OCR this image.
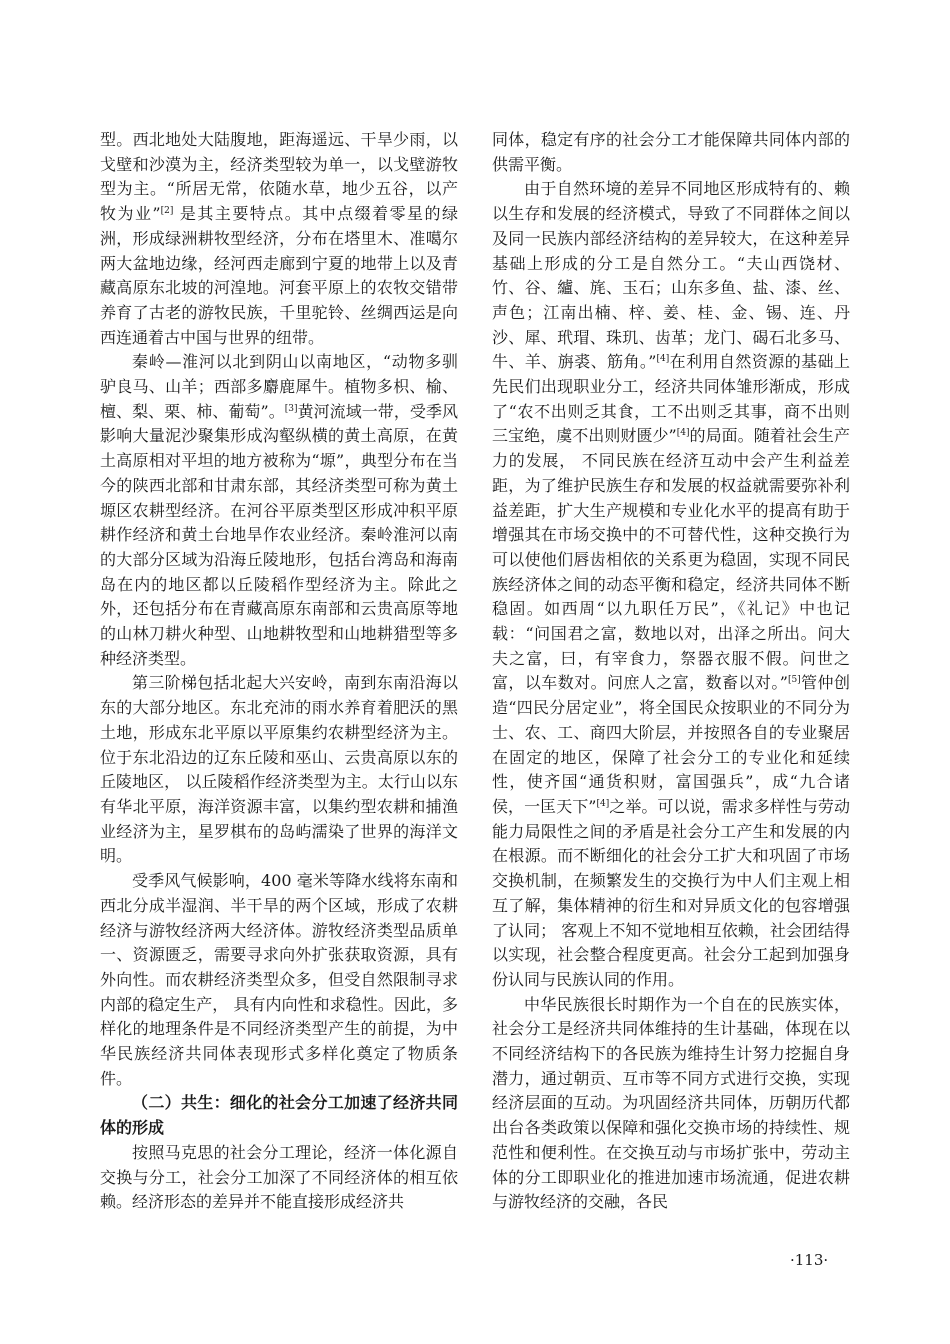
型。西北地处大陆腹地，距海遥远、干旱少雨，以戈壁和沙漠为主，经济类型较为单一，以戈壁游牧型为主。“所居无常，依随水草，地少五谷，以产牧为业”[2] 是其主要特点。其中点缀着零星的绿洲，形成绿洲耕牧型经济，分布在塔里木、准噶尔两大盆地边缘，经河西走廊到宁夏的地带上以及青藏高原东北坡的河湟地。河套平原上的农牧交错带养育了古老的游牧民族，千里驼铃、丝绸西运是向西连通着古中国与世界的纽带。

秦岭—淮河以北到阴山以南地区，“动物多驯驴良马、山羊；西部多麝鹿犀牛。植物多枳、榆、檀、梨、栗、柿、葡萄”。[3]黄河流域一带，受季风影响大量泥沙聚集形成沟壑纵横的黄土高原，在黄土高原相对平坦的地方被称为“塬”，典型分布在当今的陕西北部和甘肃东部，其经济类型可称为黄土塬区农耕型经济。在河谷平原类型区形成冲积平原耕作经济和黄土台地旱作农业经济。秦岭淮河以南的大部分区域为沿海丘陵地形，包括台湾岛和海南岛在内的地区都以丘陵稻作型经济为主。除此之外，还包括分布在青藏高原东南部和云贵高原等地的山林刀耕火种型、山地耕牧型和山地耕猎型等多种经济类型。

第三阶梯包括北起大兴安岭，南到东南沿海以东的大部分地区。东北充沛的雨水养育着肥沃的黑土地，形成东北平原以平原集约农耕型经济为主。位于东北沿边的辽东丘陵和巫山、云贵高原以东的丘陵地区， 以丘陵稻作经济类型为主。太行山以东有华北平原，海洋资源丰富，以集约型农耕和捕渔业经济为主，星罗棋布的岛屿濡染了世界的海洋文明。

受季风气候影响，400 毫米等降水线将东南和西北分成半湿润、半干旱的两个区域，形成了农耕经济与游牧经济两大经济体。游牧经济类型品质单一、资源匮乏，需要寻求向外扩张获取资源，具有外向性。而农耕经济类型众多，但受自然限制寻求内部的稳定生产， 具有内向性和求稳性。因此，多样化的地理条件是不同经济类型产生的前提，为中华民族经济共同体表现形式多样化奠定了物质条件。

（二）共生：细化的社会分工加速了经济共同体的形成

按照马克思的社会分工理论，经济一体化源自交换与分工，社会分工加深了不同经济体的相互依赖。经济形态的差异并不能直接形成经济共

同体，稳定有序的社会分工才能保障共同体内部的供需平衡。

由于自然环境的差异不同地区形成特有的、赖以生存和发展的经济模式，导致了不同群体之间以及同一民族内部经济结构的差异较大，在这种差异基础上形成的分工是自然分工。“夫山西饶材、竹、谷、纑、旄、玉石；山东多鱼、盐、漆、丝、声色；江南出楠、梓、姜、桂、金、锡、连、丹沙、犀、玳瑁、珠玑、齿革；龙门、碣石北多马、牛、羊、旃裘、筋角。”[4]在利用自然资源的基础上先民们出现职业分工，经济共同体雏形渐成，形成了“农不出则乏其食，工不出则乏其事，商不出则三宝绝，虞不出则财匮少”[4]的局面。随着社会生产力的发展， 不同民族在经济互动中会产生利益差距，为了维护民族生存和发展的权益就需要弥补利益差距，扩大生产规模和专业化水平的提高有助于增强其在市场交换中的不可替代性，这种交换行为可以使他们唇齿相依的关系更为稳固，实现不同民族经济体之间的动态平衡和稳定，经济共同体不断稳固。如西周“以九职任万民”，《礼记》中也记载：“问国君之富，数地以对，出泽之所出。问大夫之富，曰，有宰食力，祭器衣服不假。问世之富，以车数对。问庶人之富，数畜以对。”[5]管仲创造“四民分居定业”，将全国民众按职业的不同分为士、农、工、商四大阶层，并按照各自的专业聚居在固定的地区，保障了社会分工的专业化和延续性，使齐国“通货积财，富国强兵”，成“九合诸侯，一匡天下”[4]之举。可以说，需求多样性与劳动能力局限性之间的矛盾是社会分工产生和发展的内在根源。而不断细化的社会分工扩大和巩固了市场交换机制，在频繁发生的交换行为中人们主观上相互了解，集体精神的衍生和对异质文化的包容增强了认同； 客观上不知不觉地相互依赖，社会团结得以实现，社会整合程度更高。社会分工起到加强身份认同与民族认同的作用。

中华民族很长时期作为一个自在的民族实体，社会分工是经济共同体维持的生计基础，体现在以不同经济结构下的各民族为维持生计努力挖掘自身潜力，通过朝贡、互市等不同方式进行交换，实现经济层面的互动。为巩固经济共同体，历朝历代都出台各类政策以保障和强化交换市场的持续性、规范性和便利性。在交换互动与市场扩张中，劳动主体的分工即职业化的推进加速市场流通，促进农耕与游牧经济的交融，各民

·113·
